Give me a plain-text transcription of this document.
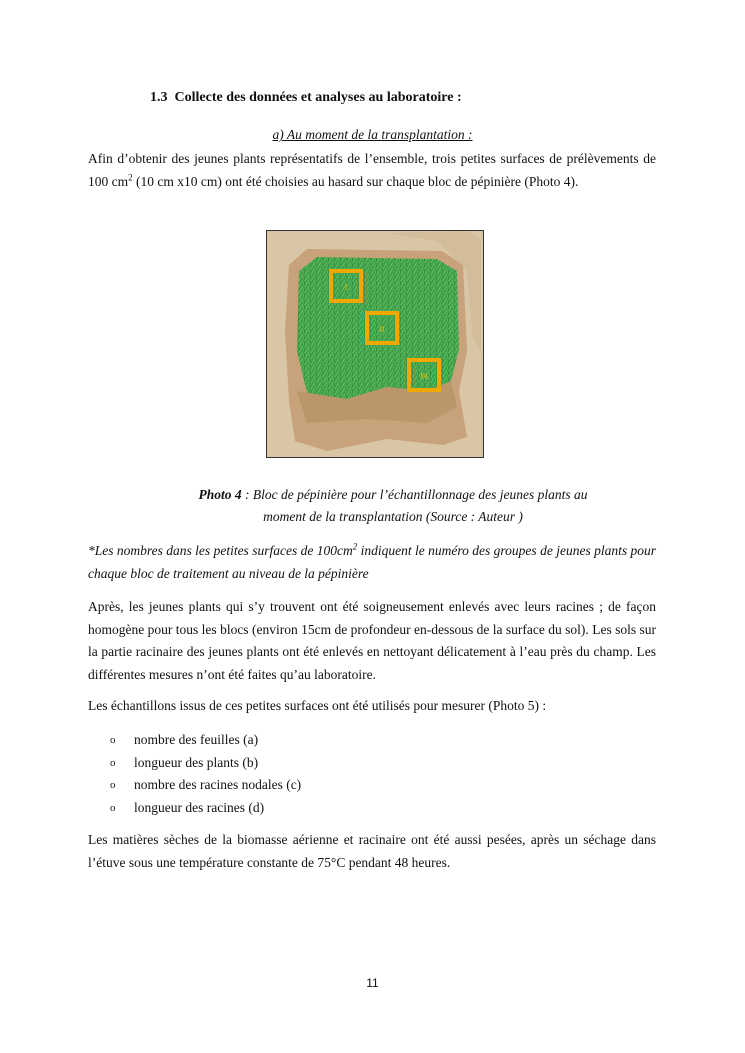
1.3 Collecte des données et analyses au laboratoire :
a) Au moment de la transplantation :
Afin d’obtenir des jeunes plants représentatifs de l’ensemble, trois petites surfaces de prélèvements de 100 $cm^2$ (10 cm x10 cm) ont été choisies au hasard sur chaque bloc de pépinière (Photo 4).
I
II
III
Photo 4 : Bloc de pépinière pour l’échantillonnage des jeunes plants au
moment de la transplantation (Source : Auteur )
*Les nombres dans les petites surfaces de $100cm^2$ indiquent le numéro des groupes de jeunes plants pour chaque bloc de traitement au niveau de la pépinière
Après, les jeunes plants qui s’y trouvent ont été soigneusement enlevés avec leurs racines ; de façon homogène pour tous les blocs (environ 15cm de profondeur en-dessous de la surface du sol). Les sols sur la partie racinaire des jeunes plants ont été enlevés en nettoyant délicatement à l’eau près du champ. Les différentes mesures n’ont été faites qu’au laboratoire.
Les échantillons issus de ces petites surfaces ont été utilisés pour mesurer (Photo 5) :
o	nombre des feuilles (a)
o	longueur des plants (b)
o	nombre des racines nodales (c)
o	longueur des racines (d)
Les matières sèches de la biomasse aérienne et racinaire ont été aussi pesées, après un séchage dans l’étuve sous une température constante de 75°C pendant 48 heures.
11
